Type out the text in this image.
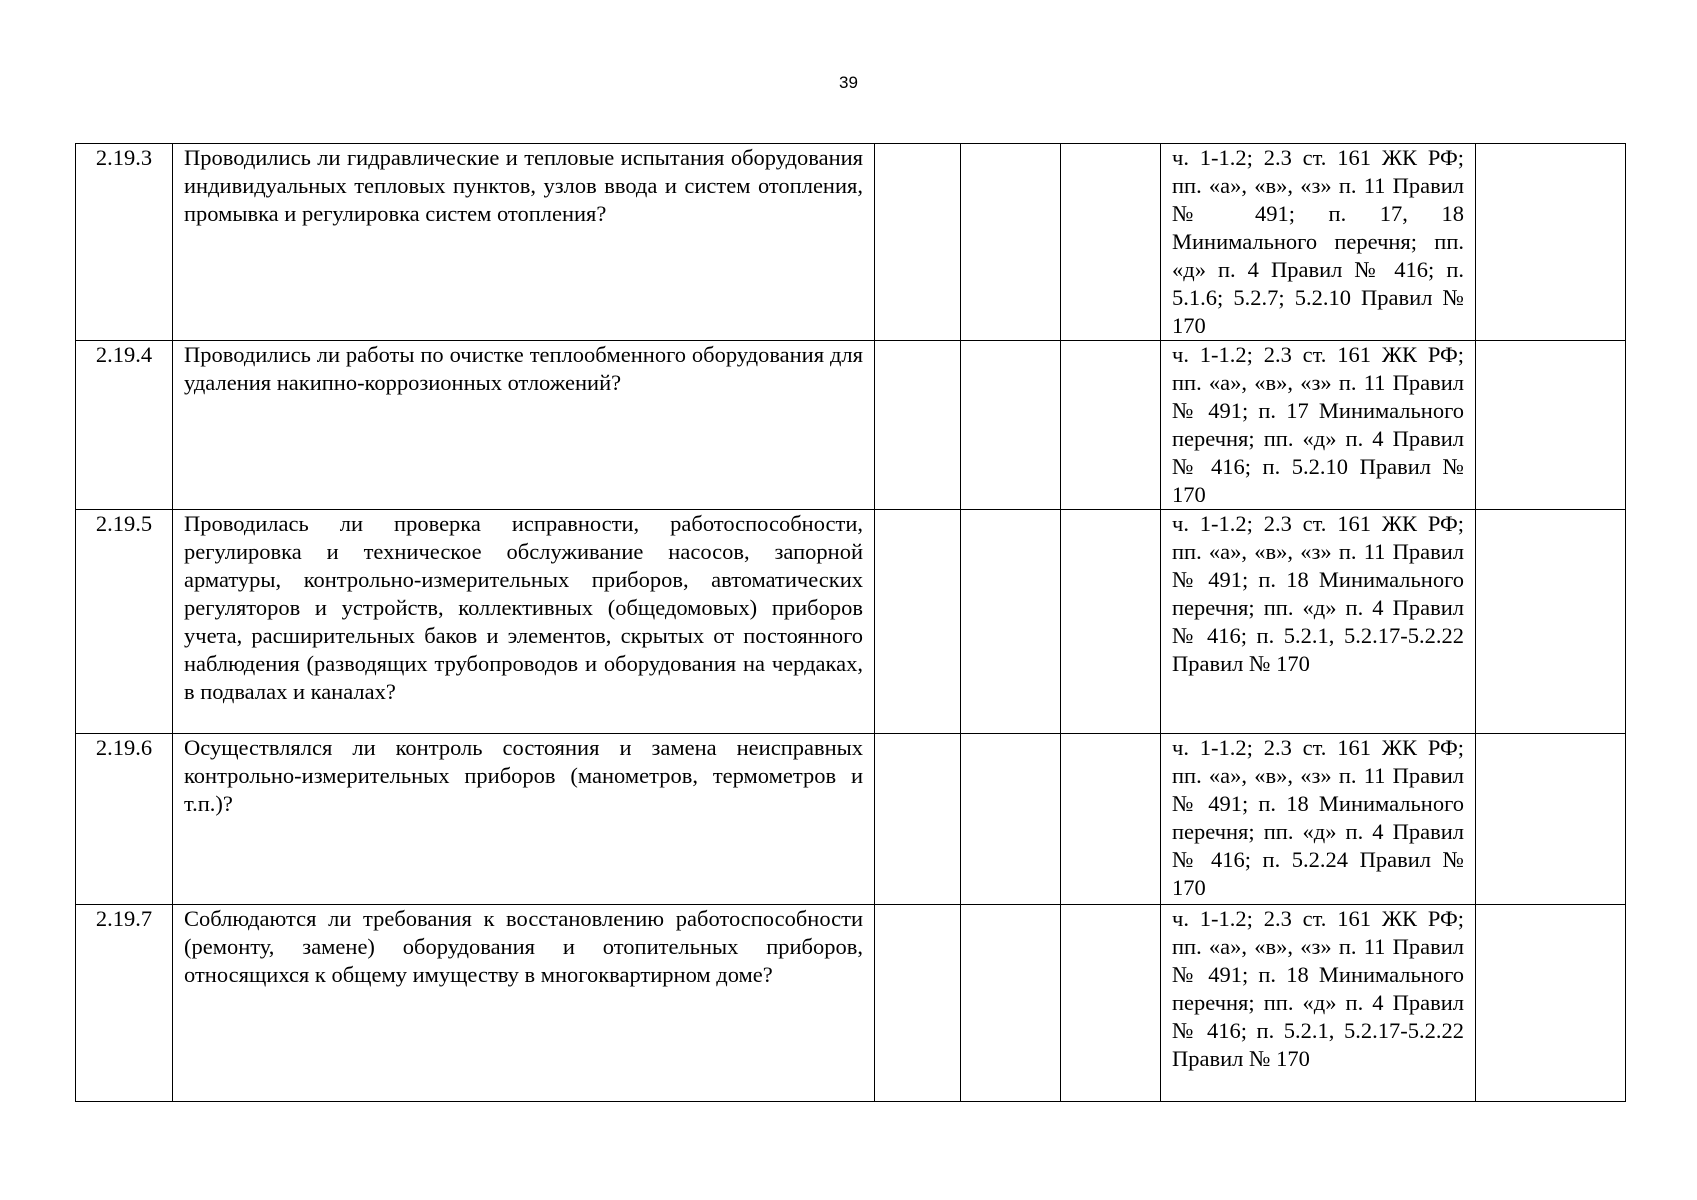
39
2.19.3	Проводились ли гидравлические и тепловые испытания оборудования индивидуальных тепловых пунктов, узлов ввода и систем отопления, промывка и регулировка систем отопления?				ч. 1-1.2; 2.3 ст. 161 ЖК РФ; пп. «а», «в», «з» п. 11 Правил № 491; п. 17, 18 Минимального перечня; пп. «д» п. 4 Правил № 416; п. 5.1.6; 5.2.7; 5.2.10 Правил № 170	
2.19.4	Проводились ли работы по очистке теплообменного оборудования для удаления накипно-коррозионных отложений?				ч. 1-1.2; 2.3 ст. 161 ЖК РФ; пп. «а», «в», «з» п. 11 Правил № 491; п. 17 Минимального перечня; пп. «д» п. 4 Правил № 416; п. 5.2.10 Правил № 170	
2.19.5	Проводилась ли проверка исправности, работоспособности, регулировка и техническое обслуживание насосов, запорной арматуры, контрольно-измерительных приборов, автоматических регуляторов и устройств, коллективных (общедомовых) приборов учета, расширительных баков и элементов, скрытых от постоянного наблюдения (разводящих трубопроводов и оборудования на чердаках, в подвалах и каналах?				ч. 1-1.2; 2.3 ст. 161 ЖК РФ; пп. «а», «в», «з» п. 11 Правил № 491; п. 18 Минимального перечня; пп. «д» п. 4 Правил № 416; п. 5.2.1, 5.2.17-5.2.22 Правил № 170	
2.19.6	Осуществлялся ли контроль состояния и замена неисправных контрольно-измерительных приборов (манометров, термометров и т.п.)?				ч. 1-1.2; 2.3 ст. 161 ЖК РФ; пп. «а», «в», «з» п. 11 Правил № 491; п. 18 Минимального перечня; пп. «д» п. 4 Правил № 416; п. 5.2.24 Правил № 170	
2.19.7	Соблюдаются ли требования к восстановлению работоспособности (ремонту, замене) оборудования и отопительных приборов, относящихся к общему имуществу в многоквартирном доме?				ч. 1-1.2; 2.3 ст. 161 ЖК РФ; пп. «а», «в», «з» п. 11 Правил № 491; п. 18 Минимального перечня; пп. «д» п. 4 Правил № 416; п. 5.2.1, 5.2.17-5.2.22 Правил № 170	
